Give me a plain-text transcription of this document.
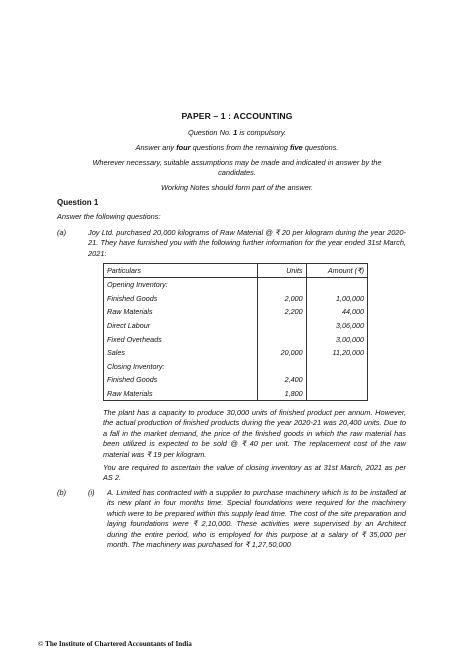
PAPER – 1 : ACCOUNTING
Question No. 1 is compulsory.
Answer any four questions from the remaining five questions.
Wherever necessary, suitable assumptions may be made and indicated in answer by the candidates.
Working Notes should form part of the answer.
Question 1
Answer the following questions:
(a)	Joy Ltd. purchased 20,000 kilograms of Raw Material @ ₹ 20 per kilogram during the year 2020-21. They have furnished you with the following further information for the year ended 31st March, 2021:
Particulars	Units	Amount (₹)
Opening Inventory:		
Finished Goods	2,000	1,00,000
Raw Materials	2,200	44,000
Direct Labour		3,06,000
Fixed Overheads		3,00,000
Sales	20,000	11,20,000
Closing Inventory:		
Finished Goods	2,400	
Raw Materials	1,800	
The plant has a capacity to produce 30,000 units of finished product per annum. However, the actual production of finished products during the year 2020-21 was 20,400 units. Due to a fall in the market demand, the price of the finished goods in which the raw material has been utilized is expected to be sold @ ₹ 40 per unit. The replacement cost of the raw material was ₹ 19 per kilogram.
You are required to ascertain the value of closing inventory as at 31st March, 2021 as per AS 2.
(b)	(i) A. Limited has contracted with a supplier to purchase machinery which is to be installed at its new plant in four months time. Special foundations were required for the machinery which were to be prepared within this supply lead time. The cost of the site preparation and laying foundations were ₹ 2,10,000. These activities were supervised by an Architect during the entire period, who is employed for this purpose at a salary of ₹ 35,000 per month. The machinery was purchased for ₹ 1,27,50,000
© The Institute of Chartered Accountants of India
